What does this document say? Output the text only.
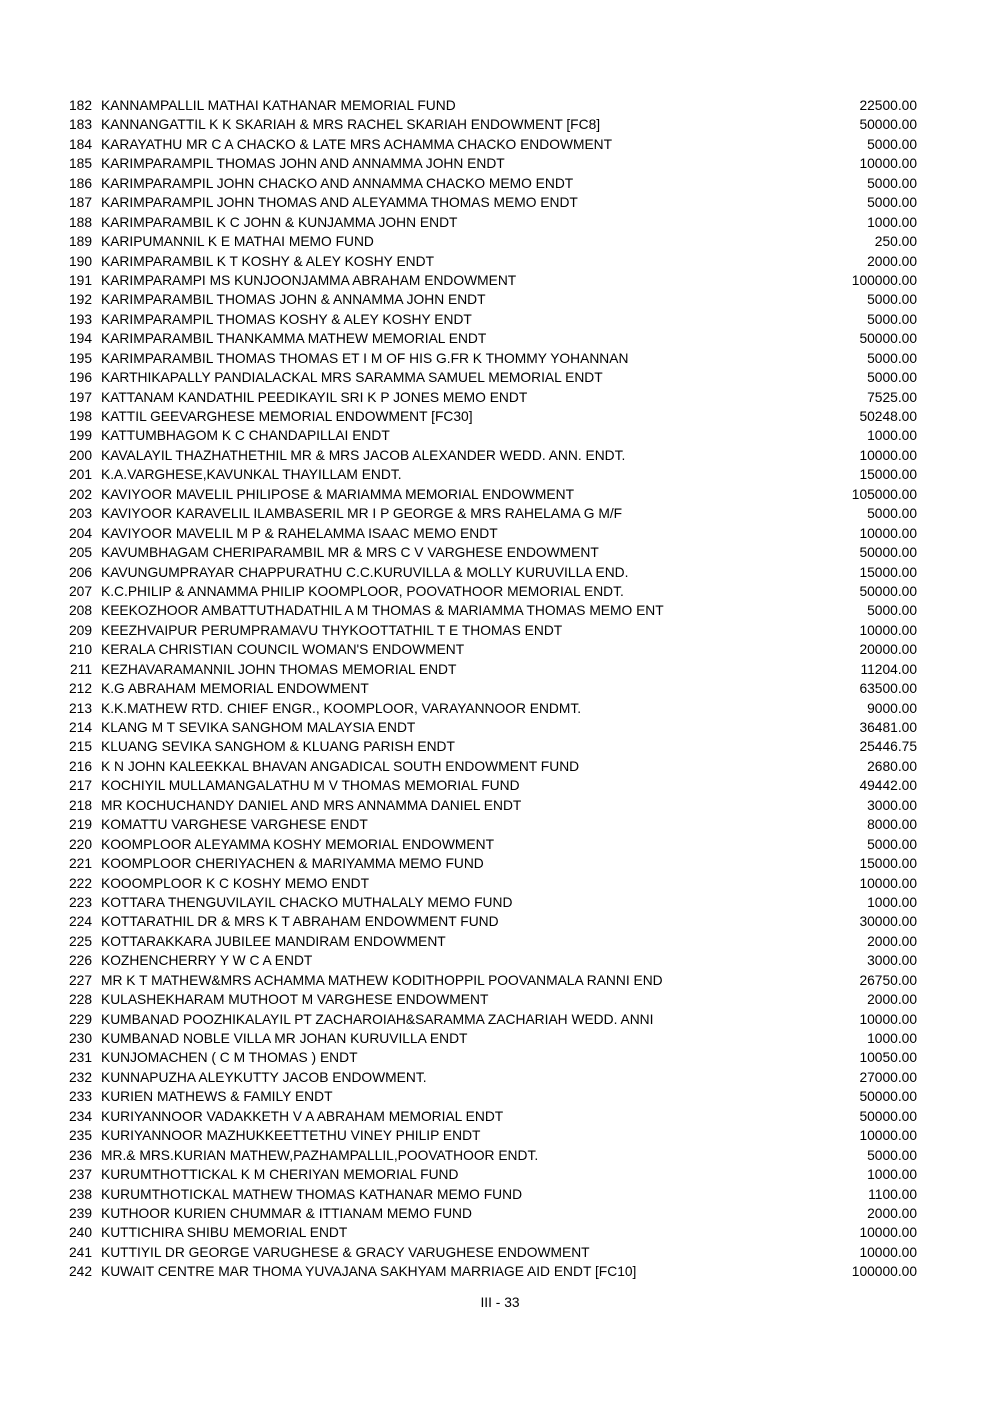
182 KANNAMPALLIL MATHAI KATHANAR MEMORIAL FUND	22500.00
183 KANNANGATTIL K K SKARIAH & MRS RACHEL SKARIAH ENDOWMENT [FC8]	50000.00
184 KARAYATHU MR C A CHACKO & LATE MRS ACHAMMA CHACKO ENDOWMENT	5000.00
185 KARIMPARAMPIL THOMAS JOHN AND ANNAMMA JOHN ENDT	10000.00
186 KARIMPARAMPIL JOHN CHACKO AND ANNAMMA CHACKO MEMO ENDT	5000.00
187 KARIMPARAMPIL JOHN THOMAS AND ALEYAMMA THOMAS MEMO ENDT	5000.00
188 KARIMPARAMBIL K C JOHN & KUNJAMMA JOHN ENDT	1000.00
189 KARIPUMANNIL K E MATHAI MEMO FUND	250.00
190 KARIMPARAMBIL K T KOSHY & ALEY KOSHY ENDT	2000.00
191 KARIMPARAMPI MS KUNJOONJAMMA ABRAHAM ENDOWMENT	100000.00
192 KARIMPARAMBIL THOMAS JOHN & ANNAMMA JOHN ENDT	5000.00
193 KARIMPARAMPIL THOMAS KOSHY & ALEY KOSHY ENDT	5000.00
194 KARIMPARAMBIL THANKAMMA MATHEW MEMORIAL ENDT	50000.00
195 KARIMPARAMBIL THOMAS THOMAS ET I M OF HIS G.FR K THOMMY YOHANNAN	5000.00
196 KARTHIKAPALLY PANDIALACKAL MRS SARAMMA SAMUEL MEMORIAL ENDT	5000.00
197 KATTANAM KANDATHIL PEEDIKAYIL SRI K P JONES MEMO ENDT	7525.00
198 KATTIL GEEVARGHESE MEMORIAL ENDOWMENT [FC30]	50248.00
199 KATTUMBHAGOM K C CHANDAPILLAI ENDT	1000.00
200 KAVALAYIL THAZHATHETHIL MR & MRS JACOB ALEXANDER WEDD. ANN. ENDT.	10000.00
201 K.A.VARGHESE,KAVUNKAL THAYILLAM ENDT.	15000.00
202 KAVIYOOR MAVELIL PHILIPOSE & MARIAMMA MEMORIAL ENDOWMENT	105000.00
203 KAVIYOOR KARAVELIL ILAMBASERIL MR I P GEORGE & MRS RAHELAMA G M/F	5000.00
204 KAVIYOOR MAVELIL M P & RAHELAMMA ISAAC MEMO ENDT	10000.00
205 KAVUMBHAGAM CHERIPARAMBIL MR & MRS C V VARGHESE ENDOWMENT	50000.00
206 KAVUNGUMPRAYAR CHAPPURATHU C.C.KURUVILLA & MOLLY KURUVILLA END.	15000.00
207 K.C.PHILIP & ANNAMMA PHILIP KOOMPLOOR, POOVATHOOR MEMORIAL ENDT.	50000.00
208 KEEKOZHOOR AMBATTUTHADATHIL A M THOMAS & MARIAMMA THOMAS MEMO ENT	5000.00
209 KEEZHVAIPUR PERUMPRAMAVU THYKOOTTATHIL T E THOMAS ENDT	10000.00
210 KERALA CHRISTIAN COUNCIL WOMAN'S ENDOWMENT	20000.00
211 KEZHAVARAMANNIL JOHN THOMAS MEMORIAL ENDT	11204.00
212 K.G ABRAHAM MEMORIAL ENDOWMENT	63500.00
213 K.K.MATHEW RTD. CHIEF ENGR., KOOMPLOOR, VARAYANNOOR ENDMT.	9000.00
214 KLANG M T SEVIKA SANGHOM MALAYSIA ENDT	36481.00
215 KLUANG SEVIKA SANGHOM & KLUANG PARISH ENDT	25446.75
216 K N JOHN KALEEKKAL BHAVAN ANGADICAL SOUTH ENDOWMENT FUND	2680.00
217 KOCHIYIL MULLAMANGALATHU M V THOMAS MEMORIAL FUND	49442.00
218 MR KOCHUCHANDY DANIEL AND MRS ANNAMMA DANIEL ENDT	3000.00
219 KOMATTU VARGHESE VARGHESE ENDT	8000.00
220 KOOMPLOOR ALEYAMMA KOSHY MEMORIAL ENDOWMENT	5000.00
221 KOOMPLOOR CHERIYACHEN & MARIYAMMA MEMO FUND	15000.00
222 KOOOMPLOOR K C KOSHY MEMO ENDT	10000.00
223 KOTTARA THENGUVILAYIL CHACKO MUTHALALY MEMO FUND	1000.00
224 KOTTARATHIL DR & MRS K T ABRAHAM ENDOWMENT FUND	30000.00
225 KOTTARAKKARA JUBILEE MANDIRAM ENDOWMENT	2000.00
226 KOZHENCHERRY Y W C A ENDT	3000.00
227 MR K T MATHEW&MRS ACHAMMA MATHEW KODITHOPPIL POOVANMALA RANNI END	26750.00
228 KULASHEKHARAM MUTHOOT M VARGHESE ENDOWMENT	2000.00
229 KUMBANAD POOZHIKALAYIL PT ZACHAROIAH&SARAMMA ZACHARIAH WEDD. ANNI	10000.00
230 KUMBANAD NOBLE VILLA MR JOHAN KURUVILLA ENDT	1000.00
231 KUNJOMACHEN ( C M THOMAS ) ENDT	10050.00
232 KUNNAPUZHA ALEYKUTTY JACOB ENDOWMENT.	27000.00
233 KURIEN MATHEWS & FAMILY ENDT	50000.00
234 KURIYANNOOR VADAKKETH V A ABRAHAM MEMORIAL ENDT	50000.00
235 KURIYANNOOR MAZHUKKEETTETHU VINEY PHILIP ENDT	10000.00
236 MR.& MRS.KURIAN MATHEW,PAZHAMPALLIL,POOVATHOOR ENDT.	5000.00
237 KURUMTHOTTICKAL K M CHERIYAN MEMORIAL FUND	1000.00
238 KURUMTHOTICKAL MATHEW THOMAS KATHANAR MEMO FUND	1100.00
239 KUTHOOR KURIEN CHUMMAR & ITTIANAM MEMO FUND	2000.00
240 KUTTICHIRA SHIBU MEMORIAL ENDT	10000.00
241 KUTTIYIL DR GEORGE VARUGHESE & GRACY VARUGHESE ENDOWMENT	10000.00
242 KUWAIT CENTRE MAR THOMA YUVAJANA SAKHYAM MARRIAGE AID ENDT [FC10]	100000.00
III - 33
